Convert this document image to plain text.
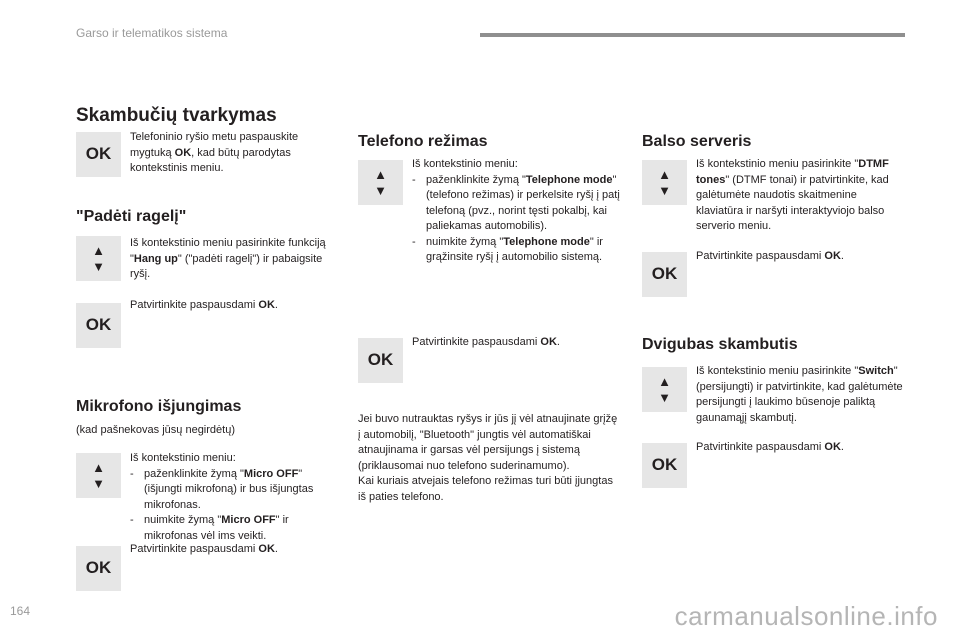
Garso ir telematikos sistema
Skambučių tvarkymas
OK
Telefoninio ryšio metu paspauskite mygtuką OK, kad būtų parodytas kontekstinis meniu.
"Padėti ragelį"
▲
▼
Iš kontekstinio meniu pasirinkite funkciją "Hang up" ("padėti ragelį") ir pabaigsite ryšį.
OK
Patvirtinkite paspausdami OK.
Mikrofono išjungimas
(kad pašnekovas jūsų negirdėtų)
▲
▼
Iš kontekstinio meniu:
- paženklinkite žymą "Micro OFF" (išjungti mikrofoną) ir bus išjungtas mikrofonas.
- nuimkite žymą "Micro OFF" ir mikrofonas vėl ims veikti.
OK
Patvirtinkite paspausdami OK.
Telefono režimas
▲
▼
Iš kontekstinio meniu:
- paženklinkite žymą "Telephone mode" (telefono režimas) ir perkelsite ryšį į patį telefoną (pvz., norint tęsti pokalbį, kai paliekamas automobilis).
- nuimkite žymą "Telephone mode" ir grąžinsite ryšį į automobilio sistemą.
OK
Patvirtinkite paspausdami OK.
Jei buvo nutrauktas ryšys ir jūs jį vėl atnaujinate grįžę į automobilį, "Bluetooth" jungtis vėl automatiškai atnaujinama ir garsas vėl persijungs į sistemą (priklausomai nuo telefono suderinamumo).
Kai kuriais atvejais telefono režimas turi būti įjungtas iš paties telefono.
Balso serveris
▲
▼
Iš kontekstinio meniu pasirinkite "DTMF tones" (DTMF tonai) ir patvirtinkite, kad galėtumėte naudotis skaitmenine klaviatūra ir naršyti interaktyviojo balso serverio meniu.
OK
Patvirtinkite paspausdami OK.
Dvigubas skambutis
▲
▼
Iš kontekstinio meniu pasirinkite "Switch" (persijungti) ir patvirtinkite, kad galėtumėte persijungti į laukimo būsenoje paliktą gaunamąjį skambutį.
OK
Patvirtinkite paspausdami OK.
164	carmanualsonline.info
